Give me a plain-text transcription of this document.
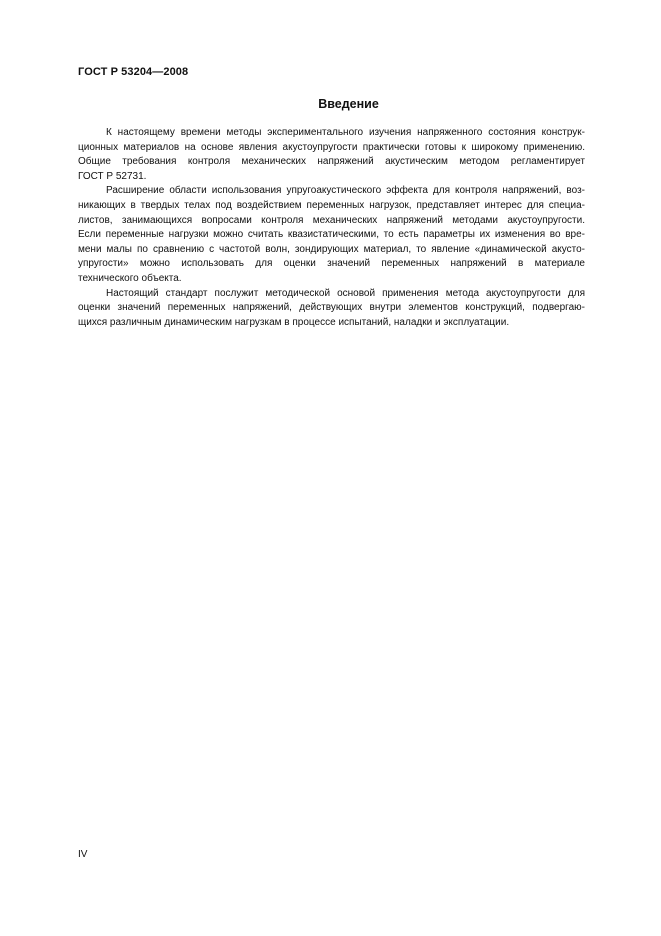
ГОСТ Р 53204—2008
Введение

К настоящему времени методы экспериментального изучения напряженного состояния конструк-
ционных материалов на основе явления акустоупругости практически готовы к широкому применению.
Общие требования контроля механических напряжений акустическим методом регламентирует
ГОСТ Р 52731.

Расширение области использования упругоакустического эффекта для контроля напряжений, воз-
никающих в твердых телах под воздействием переменных нагрузок, представляет интерес для специа-
листов, занимающихся вопросами контроля механических напряжений методами акустоупругости.
Если переменные нагрузки можно считать квазистатическими, то есть параметры их изменения во вре-
мени малы по сравнению с частотой волн, зондирующих материал, то явление «динамической акусто-
упругости» можно использовать для оценки значений переменных напряжений в материале
технического объекта.

Настоящий стандарт послужит методической основой применения метода акустоупругости для
оценки значений переменных напряжений, действующих внутри элементов конструкций, подвергаю-
щихся различным динамическим нагрузкам в процессе испытаний, наладки и эксплуатации.

IV
